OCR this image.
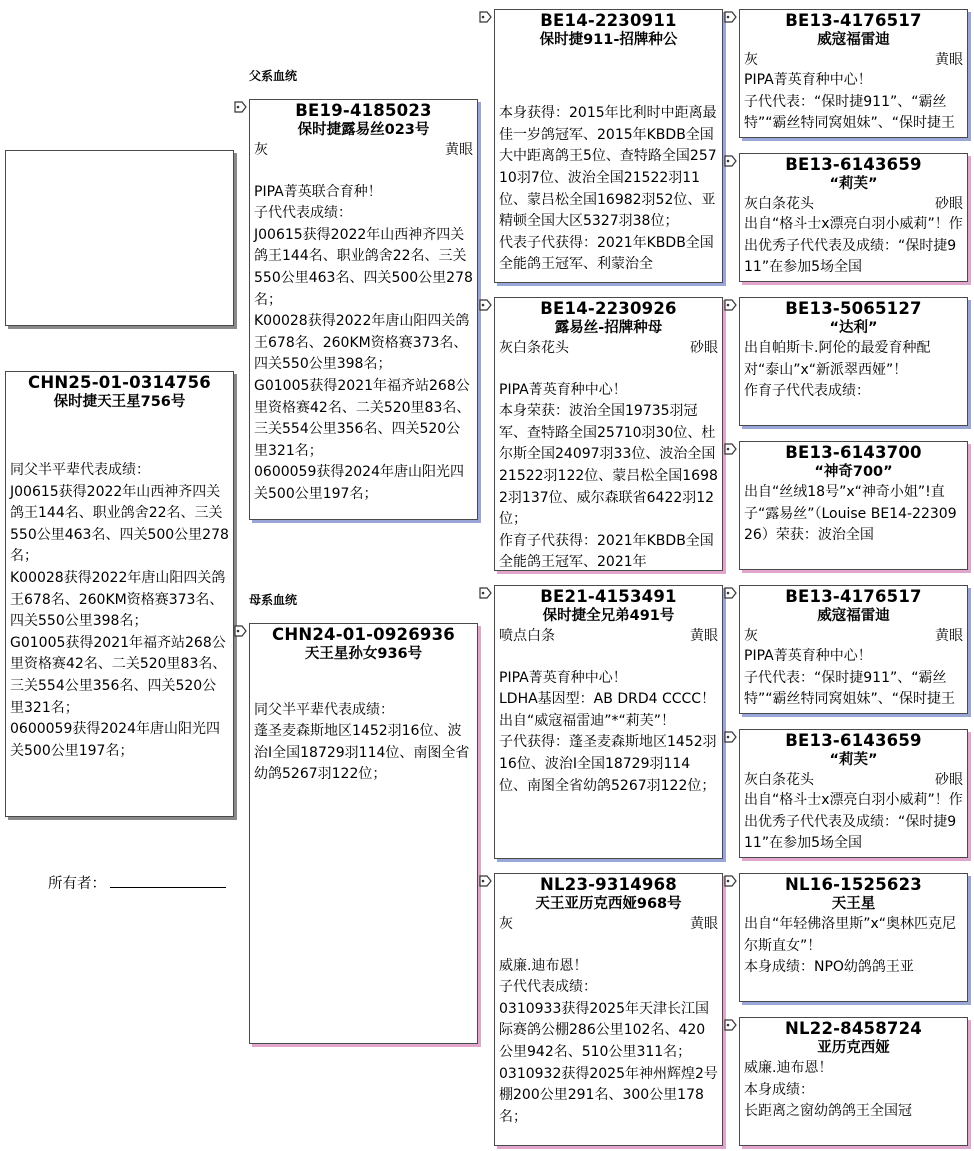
父系血统
母系血统
CHN25-01-0314756
保时捷天王星756号
同父半平辈代表成绩：
J00615获得2022年山西神齐四关鸽王144名、职业鸽舍22名、三关550公里463名、四关500公里278名；
K00028获得2022年唐山阳四关鸽王678名、260KM资格赛373名、四关550公里398名；
G01005获得2021年福齐站268公里资格赛42名、二关520里83名、三关554公里356名、四关520公里321名；
0600059获得2024年唐山阳光四关500公里197名；
所有者：
BE19-4185023
保时捷露易丝023号
灰	黄眼

PIPA菁英联合育种！
子代代表成绩：
J00615获得2022年山西神齐四关鸽王144名、职业鸽舍22名、三关550公里463名、四关500公里278名；
K00028获得2022年唐山阳四关鸽王678名、260KM资格赛373名、四关550公里398名；
G01005获得2021年福齐站268公里资格赛42名、二关520里83名、三关554公里356名、四关520公里321名；
0600059获得2024年唐山阳光四关500公里197名；
CHN24-01-0926936
天王星孙女936号

同父半平辈代表成绩：
蓬圣麦森斯地区1452羽16位、波治I全国18729羽114位、南图全省幼鸽5267羽122位；
BE14-2230911
保时捷911-招牌种公

本身获得：2015年比利时中距离最佳一岁鸽冠军、2015年KBDB全国大中距离鸽王5位、查特路全国25710羽7位、波治全国21522羽11位、蒙吕松全国16982羽52位、亚精顿全国大区5327羽38位；
代表子代获得：2021年KBDB全国全能鸽王冠军、利蒙治全
BE14-2230926
露易丝-招牌种母
灰白条花头	砂眼

PIPA菁英育种中心！
本身荣获：波治全国19735羽冠军、查特路全国25710羽30位、杜尔斯全国24097羽33位、波治全国21522羽122位、蒙吕松全国16982羽137位、威尔森联省6422羽12位；
作育子代获得：2021年KBDB全国全能鸽王冠军、2021年
BE21-4153491
保时捷全兄弟491号
喷点白条	黄眼

PIPA菁英育种中心！
LDHA基因型：AB DRD4 CCCC！出自“威寇福雷迪”*“莉芙”！
子代获得：蓬圣麦森斯地区1452羽16位、波治I全国18729羽114位、南图全省幼鸽5267羽122位；
NL23-9314968
天王亚历克西娅968号
灰	黄眼

威廉.迪布恩！
子代代表成绩：
0310933获得2025年天津长江国际赛鸽公棚286公里102名、420公里942名、510公里311名；
0310932获得2025年神州辉煌2号棚200公里291名、300公里178名；
BE13-4176517
威寇福雷迪
灰	黄眼
PIPA菁英育种中心！
子代代表：“保时捷911”、“霸丝特”“霸丝特同窝姐妹”、“保时捷王
BE13-6143659
“莉芙”
灰白条花头	砂眼
出自“格斗士x漂亮白羽小威莉”！作出优秀子代代表及成绩：“保时捷911”在参加5场全国
BE13-5065127
“达利”
出自帕斯卡.阿伦的最爱育种配对“泰山”x“新派翠西娅”！
作育子代代表成绩：
BE13-6143700
“神奇700”
出自“丝绒18号”x“神奇小姐”!直子“露易丝”（Louise BE14-2230926）荣获：波治全国
BE13-4176517
威寇福雷迪
灰	黄眼
PIPA菁英育种中心！
子代代表：“保时捷911”、“霸丝特”“霸丝特同窝姐妹”、“保时捷王
BE13-6143659
“莉芙”
灰白条花头	砂眼
出自“格斗士x漂亮白羽小威莉”！作出优秀子代代表及成绩：“保时捷911”在参加5场全国
NL16-1525623
天王星
出自“年轻佛洛里斯”x“奥林匹克尼尔斯直女”！
本身成绩：NPO幼鸽鸽王亚
NL22-8458724
亚历克西娅
威廉.迪布恩！
本身成绩：
长距离之窗幼鸽鸽王全国冠
